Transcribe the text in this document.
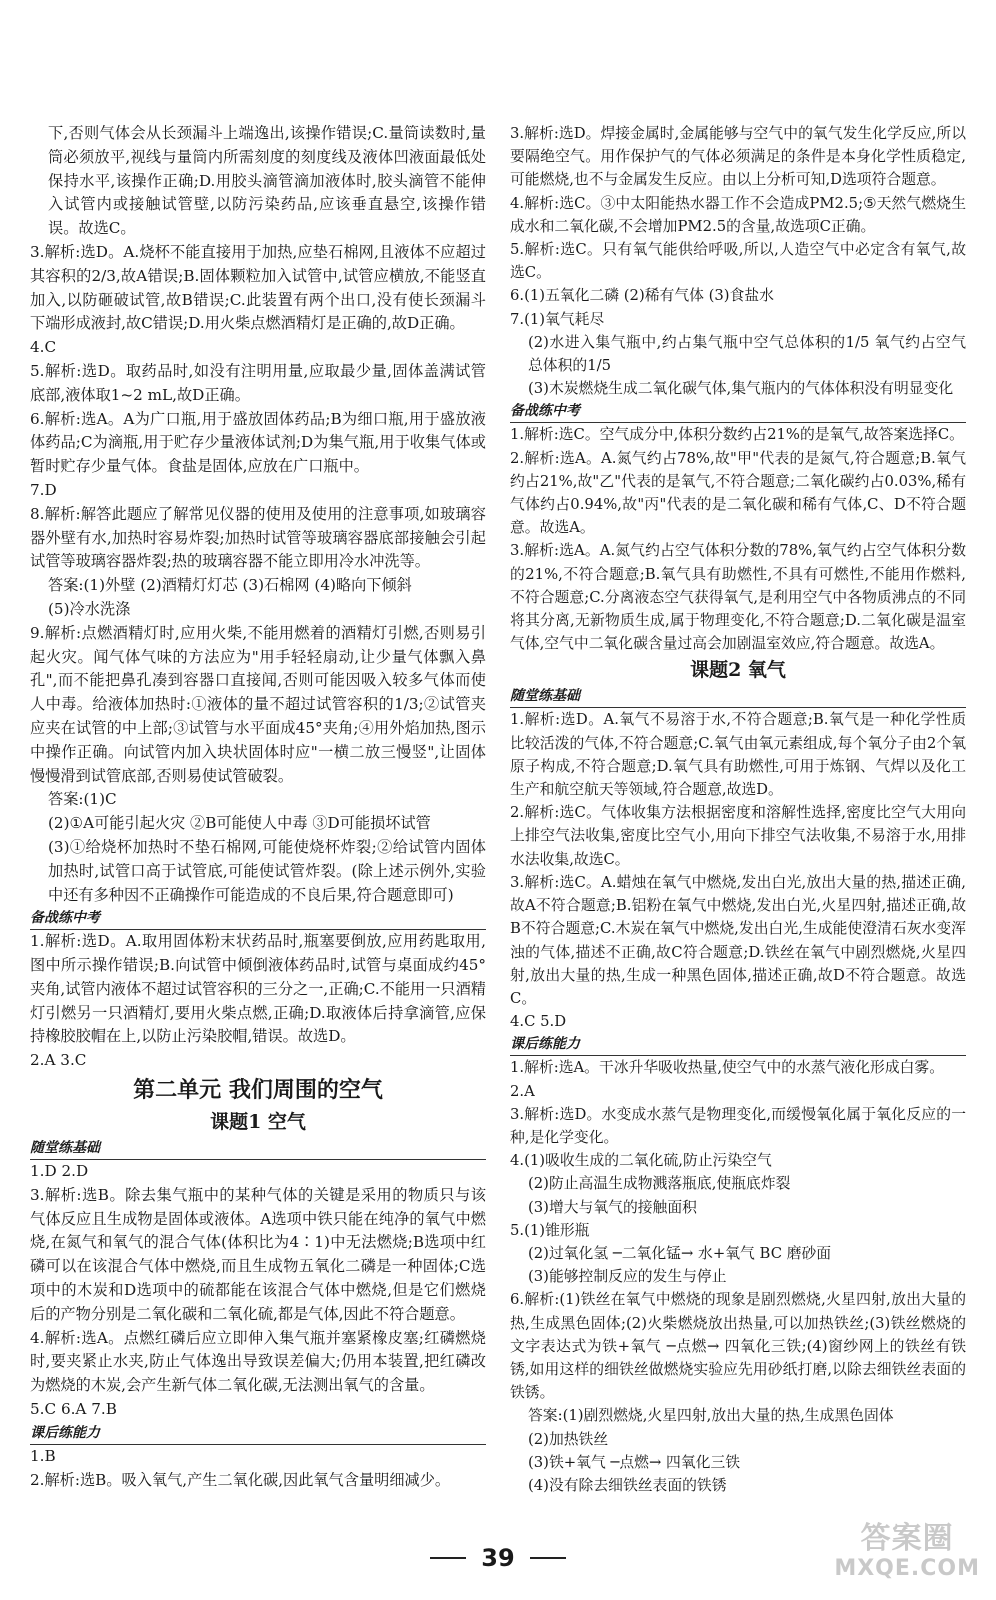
下,否则气体会从长颈漏斗上端逸出,该操作错误;C.量筒读数时,量筒必须放平,视线与量筒内所需刻度的刻度线及液体凹液面最低处保持水平,该操作正确;D.用胶头滴管滴加液体时,胶头滴管不能伸入试管内或接触试管壁,以防污染药品,应该垂直悬空,该操作错误。故选C。
3.解析:选D。A.烧杯不能直接用于加热,应垫石棉网,且液体不应超过其容积的2/3,故A错误;B.固体颗粒加入试管中,试管应横放,不能竖直加入,以防砸破试管,故B错误;C.此装置有两个出口,没有使长颈漏斗下端形成液封,故C错误;D.用火柴点燃酒精灯是正确的,故D正确。
4.C
5.解析:选D。取药品时,如没有注明用量,应取最少量,固体盖满试管底部,液体取1~2 mL,故D正确。
6.解析:选A。A为广口瓶,用于盛放固体药品;B为细口瓶,用于盛放液体药品;C为滴瓶,用于贮存少量液体试剂;D为集气瓶,用于收集气体或暂时贮存少量气体。食盐是固体,应放在广口瓶中。
7.D
8.解析:解答此题应了解常见仪器的使用及使用的注意事项,如玻璃容器外壁有水,加热时容易炸裂;加热时试管等玻璃容器底部接触会引起试管等玻璃容器炸裂;热的玻璃容器不能立即用冷水冲洗等。
答案:(1)外壁 (2)酒精灯灯芯 (3)石棉网 (4)略向下倾斜
(5)冷水洗涤
9.解析:点燃酒精灯时,应用火柴,不能用燃着的酒精灯引燃,否则易引起火灾。闻气体气味的方法应为"用手轻轻扇动,让少量气体飘入鼻孔",而不能把鼻孔凑到容器口直接闻,否则可能因吸入较多气体而使人中毒。给液体加热时:①液体的量不超过试管容积的1/3;②试管夹应夹在试管的中上部;③试管与水平面成45°夹角;④用外焰加热,图示中操作正确。向试管内加入块状固体时应"一横二放三慢竖",让固体慢慢滑到试管底部,否则易使试管破裂。
答案:(1)C
(2)①A可能引起火灾 ②B可能使人中毒 ③D可能损坏试管
(3)①给烧杯加热时不垫石棉网,可能使烧杯炸裂;②给试管内固体加热时,试管口高于试管底,可能使试管炸裂。(除上述示例外,实验中还有多种因不正确操作可能造成的不良后果,符合题意即可)
备战练中考
1.解析:选D。A.取用固体粉末状药品时,瓶塞要倒放,应用药匙取用,图中所示操作错误;B.向试管中倾倒液体药品时,试管与桌面成约45°夹角,试管内液体不超过试管容积的三分之一,正确;C.不能用一只酒精灯引燃另一只酒精灯,要用火柴点燃,正确;D.取液体后持拿滴管,应保持橡胶胶帽在上,以防止污染胶帽,错误。故选D。
2.A 3.C
第二单元 我们周围的空气
课题1 空气
随堂练基础
1.D 2.D
3.解析:选B。除去集气瓶中的某种气体的关键是采用的物质只与该气体反应且生成物是固体或液体。A选项中铁只能在纯净的氧气中燃烧,在氮气和氧气的混合气体(体积比为4∶1)中无法燃烧;B选项中红磷可以在该混合气体中燃烧,而且生成物五氧化二磷是一种固体;C选项中的木炭和D选项中的硫都能在该混合气体中燃烧,但是它们燃烧后的产物分别是二氧化碳和二氧化硫,都是气体,因此不符合题意。
4.解析:选A。点燃红磷后应立即伸入集气瓶并塞紧橡皮塞;红磷燃烧时,要夹紧止水夹,防止气体逸出导致误差偏大;仍用本装置,把红磷改为燃烧的木炭,会产生新气体二氧化碳,无法测出氧气的含量。
5.C 6.A 7.B
课后练能力
1.B
2.解析:选B。吸入氧气,产生二氧化碳,因此氧气含量明细减少。
3.解析:选D。焊接金属时,金属能够与空气中的氧气发生化学反应,所以要隔绝空气。用作保护气的气体必须满足的条件是本身化学性质稳定,可能燃烧,也不与金属发生反应。由以上分析可知,D选项符合题意。
4.解析:选C。③中太阳能热水器工作不会造成PM2.5;⑤天然气燃烧生成水和二氧化碳,不会增加PM2.5的含量,故选项C正确。
5.解析:选C。只有氧气能供给呼吸,所以,人造空气中必定含有氧气,故选C。
6.(1)五氧化二磷 (2)稀有气体 (3)食盐水
7.(1)氧气耗尽
(2)水进入集气瓶中,约占集气瓶中空气总体积的1/5 氧气约占空气总体积的1/5
(3)木炭燃烧生成二氧化碳气体,集气瓶内的气体体积没有明显变化
备战练中考
1.解析:选C。空气成分中,体积分数约占21%的是氧气,故答案选择C。
2.解析:选A。A.氮气约占78%,故"甲"代表的是氮气,符合题意;B.氧气约占21%,故"乙"代表的是氧气,不符合题意;二氧化碳约占0.03%,稀有气体约占0.94%,故"丙"代表的是二氧化碳和稀有气体,C、D不符合题意。故选A。
3.解析:选A。A.氮气约占空气体积分数的78%,氧气约占空气体积分数的21%,不符合题意;B.氧气具有助燃性,不具有可燃性,不能用作燃料,不符合题意;C.分离液态空气获得氧气,是利用空气中各物质沸点的不同将其分离,无新物质生成,属于物理变化,不符合题意;D.二氧化碳是温室气体,空气中二氧化碳含量过高会加剧温室效应,符合题意。故选A。
课题2 氧气
随堂练基础
1.解析:选D。A.氧气不易溶于水,不符合题意;B.氧气是一种化学性质比较活泼的气体,不符合题意;C.氧气由氧元素组成,每个氧分子由2个氧原子构成,不符合题意;D.氧气具有助燃性,可用于炼钢、气焊以及化工生产和航空航天等领域,符合题意,故选D。
2.解析:选C。气体收集方法根据密度和溶解性选择,密度比空气大用向上排空气法收集,密度比空气小,用向下排空气法收集,不易溶于水,用排水法收集,故选C。
3.解析:选C。A.蜡烛在氧气中燃烧,发出白光,放出大量的热,描述正确,故A不符合题意;B.铝粉在氧气中燃烧,发出白光,火星四射,描述正确,故B不符合题意;C.木炭在氧气中燃烧,发出白光,生成能使澄清石灰水变浑浊的气体,描述不正确,故C符合题意;D.铁丝在氧气中剧烈燃烧,火星四射,放出大量的热,生成一种黑色固体,描述正确,故D不符合题意。故选C。
4.C 5.D
课后练能力
1.解析:选A。干冰升华吸收热量,使空气中的水蒸气液化形成白雾。
2.A
3.解析:选D。水变成水蒸气是物理变化,而缓慢氧化属于氧化反应的一种,是化学变化。
4.(1)吸收生成的二氧化硫,防止污染空气
(2)防止高温生成物溅落瓶底,使瓶底炸裂
(3)增大与氧气的接触面积
5.(1)锥形瓶
(2)过氧化氢 ─二氧化锰→ 水+氧气 BC 磨砂面
(3)能够控制反应的发生与停止
6.解析:(1)铁丝在氧气中燃烧的现象是剧烈燃烧,火星四射,放出大量的热,生成黑色固体;(2)火柴燃烧放出热量,可以加热铁丝;(3)铁丝燃烧的文字表达式为铁+氧气 ─点燃→ 四氧化三铁;(4)窗纱网上的铁丝有铁锈,如用这样的细铁丝做燃烧实验应先用砂纸打磨,以除去细铁丝表面的铁锈。
答案:(1)剧烈燃烧,火星四射,放出大量的热,生成黑色固体
(2)加热铁丝
(3)铁+氧气 ─点燃→ 四氧化三铁
(4)没有除去细铁丝表面的铁锈
39
答案圈
MXQE.COM
